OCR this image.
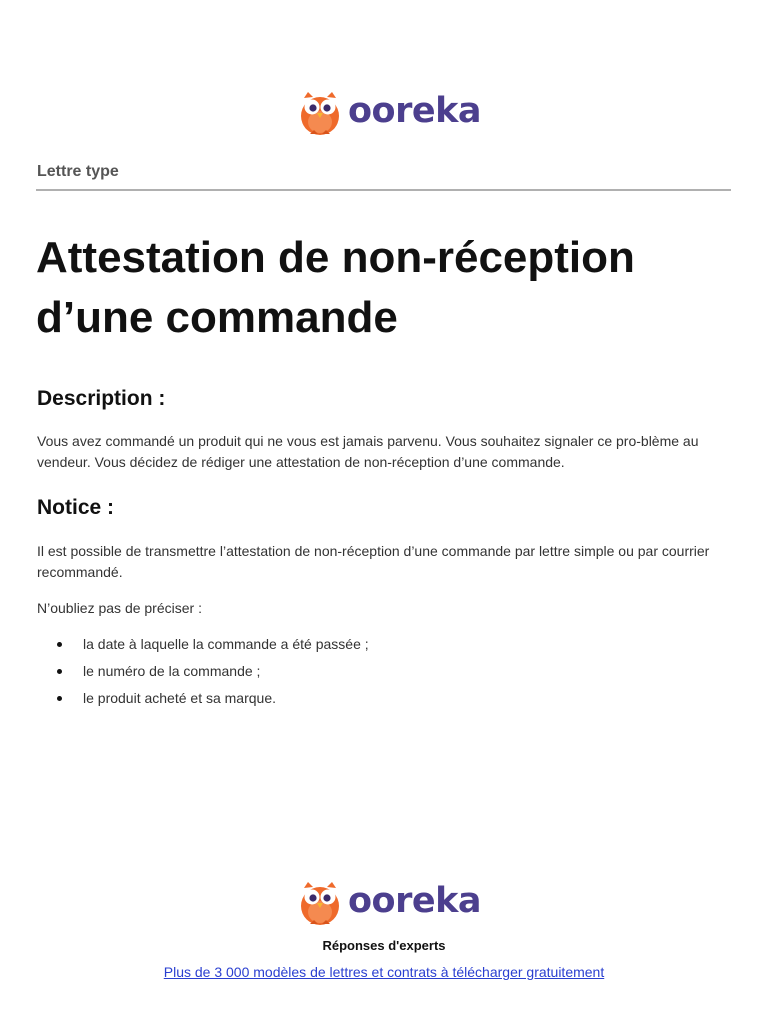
ooreka
Lettre type
Attestation de non-réception d’une commande
Description :

Vous avez commandé un produit qui ne vous est jamais parvenu. Vous souhaitez signaler ce pro-blème au vendeur. Vous décidez de rédiger une attestation de non-réception d’une commande.

Notice :

Il est possible de transmettre l’attestation de non-réception d’une commande par lettre simple ou par courrier recommandé.

N’oubliez pas de préciser :

la date à laquelle la commande a été passée ;
le numéro de la commande ;
le produit acheté et sa marque.
ooreka
Réponses d'experts
Plus de 3 000 modèles de lettres et contrats à télécharger gratuitement
